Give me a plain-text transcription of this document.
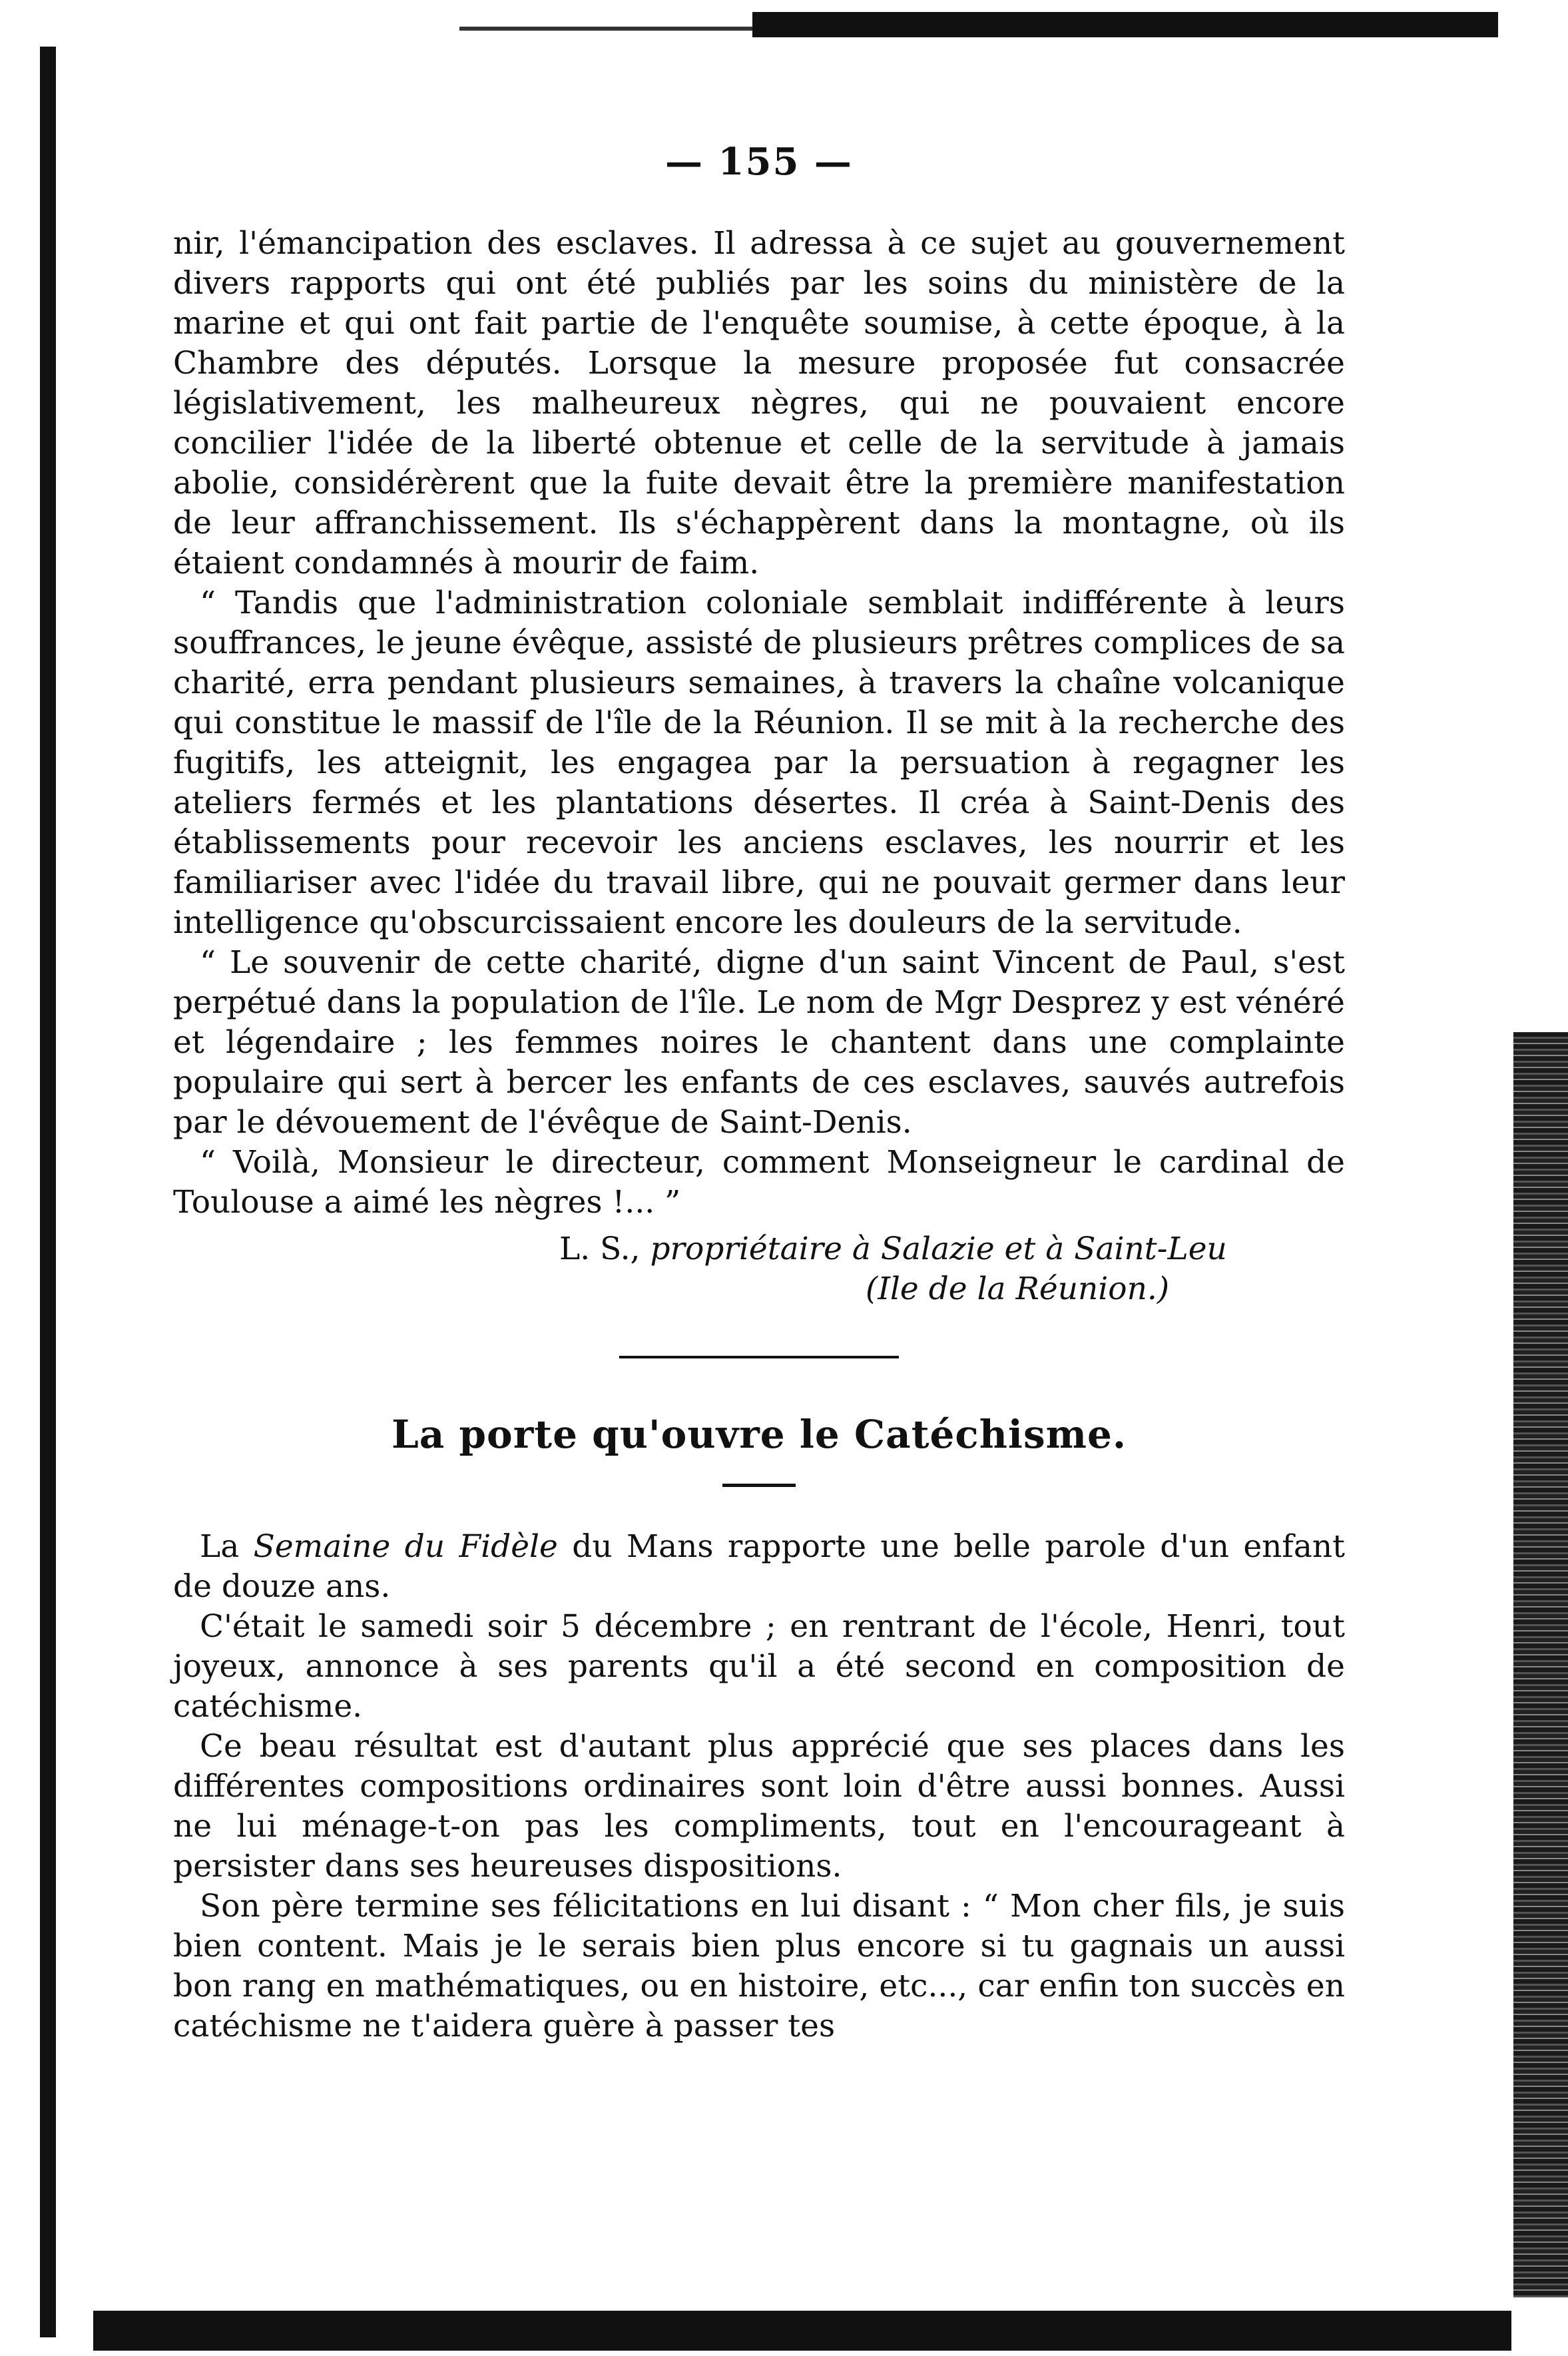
— 155 —

nir, l'émancipation des esclaves. Il adressa à ce sujet au gouvernement divers rapports qui ont été publiés par les soins du ministère de la marine et qui ont fait partie de l'enquête soumise, à cette époque, à la Chambre des députés. Lorsque la mesure proposée fut consacrée législativement, les malheureux nègres, qui ne pouvaient encore concilier l'idée de la liberté obtenue et celle de la servitude à jamais abolie, considérèrent que la fuite devait être la première manifestation de leur affranchissement. Ils s'échappèrent dans la montagne, où ils étaient condamnés à mourir de faim.

“ Tandis que l'administration coloniale semblait indifférente à leurs souffrances, le jeune évêque, assisté de plusieurs prêtres complices de sa charité, erra pendant plusieurs semaines, à travers la chaîne volcanique qui constitue le massif de l'île de la Réunion. Il se mit à la recherche des fugitifs, les atteignit, les engagea par la persuation à regagner les ateliers fermés et les plantations désertes. Il créa à Saint-Denis des établissements pour recevoir les anciens esclaves, les nourrir et les familiariser avec l'idée du travail libre, qui ne pouvait germer dans leur intelligence qu'obscurcissaient encore les douleurs de la servitude.

“ Le souvenir de cette charité, digne d'un saint Vincent de Paul, s'est perpétué dans la population de l'île. Le nom de Mgr Desprez y est vénéré et légendaire ; les femmes noires le chantent dans une complainte populaire qui sert à bercer les enfants de ces esclaves, sauvés autrefois par le dévouement de l'évêque de Saint-Denis.

“ Voilà, Monsieur le directeur, comment Monseigneur le cardinal de Toulouse a aimé les nègres !... ”

L. S., propriétaire à Salazie et à Saint-Leu
(Ile de la Réunion.)
La porte qu'ouvre le Catéchisme.

La Semaine du Fidèle du Mans rapporte une belle parole d'un enfant de douze ans.

C'était le samedi soir 5 décembre ; en rentrant de l'école, Henri, tout joyeux, annonce à ses parents qu'il a été second en composition de catéchisme.

Ce beau résultat est d'autant plus apprécié que ses places dans les différentes compositions ordinaires sont loin d'être aussi bonnes. Aussi ne lui ménage-t-on pas les compliments, tout en l'encourageant à persister dans ses heureuses dispositions.

Son père termine ses félicitations en lui disant : “ Mon cher fils, je suis bien content. Mais je le serais bien plus encore si tu gagnais un aussi bon rang en mathématiques, ou en histoire, etc..., car enfin ton succès en catéchisme ne t'aidera guère à passer tes
